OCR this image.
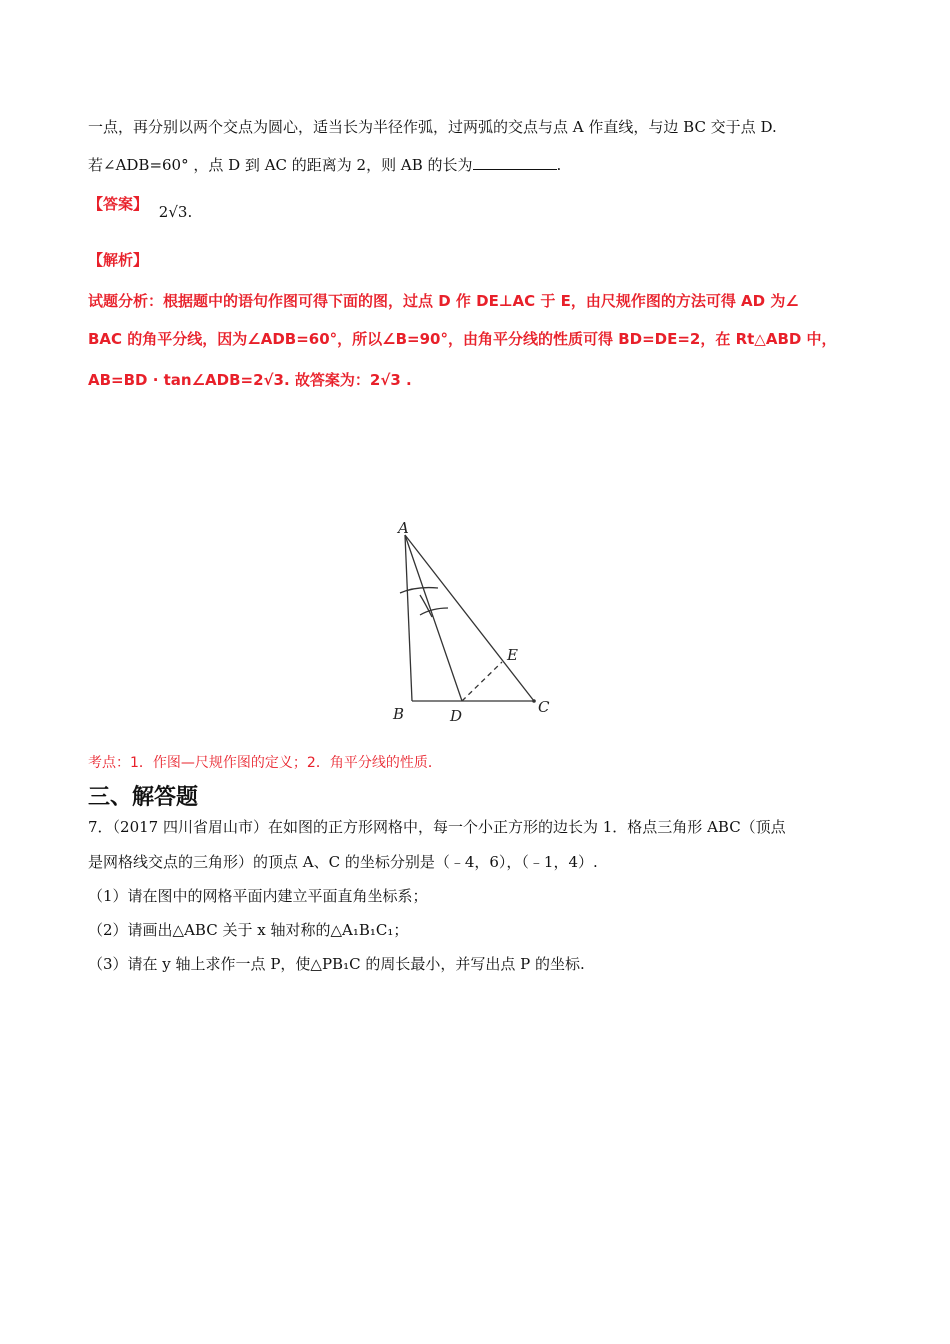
一点，再分别以两个交点为圆心，适当长为半径作弧，过两弧的交点与点 A 作直线，与边 BC 交于点 D.
若∠ADB=60° ，点 D 到 AC 的距离为 2，则 AB 的长为	.
【答案】 2√3.
【解析】
试题分析：根据题中的语句作图可得下面的图，过点 D 作 DE⊥AC 于 E，由尺规作图的方法可得 AD 为∠
BAC 的角平分线，因为∠ADB=60°，所以∠B=90°，由角平分线的性质可得 BD=DE=2，在 Rt△ABD 中，
AB=BD · tan∠ADB=2√3. 故答案为：2√3 .
A
B	D	C
E
考点：1．作图—尺规作图的定义；2．角平分线的性质．
三、解答题
7．（2017 四川省眉山市）在如图的正方形网格中，每一个小正方形的边长为 1．格点三角形 ABC（顶点
是网格线交点的三角形）的顶点 A、C 的坐标分别是（﹣4，6），（﹣1，4）.
（1）请在图中的网格平面内建立平面直角坐标系；
（2）请画出△ABC 关于 x 轴对称的△A₁B₁C₁；
（3）请在 y 轴上求作一点 P，使△PB₁C 的周长最小，并写出点 P 的坐标.
